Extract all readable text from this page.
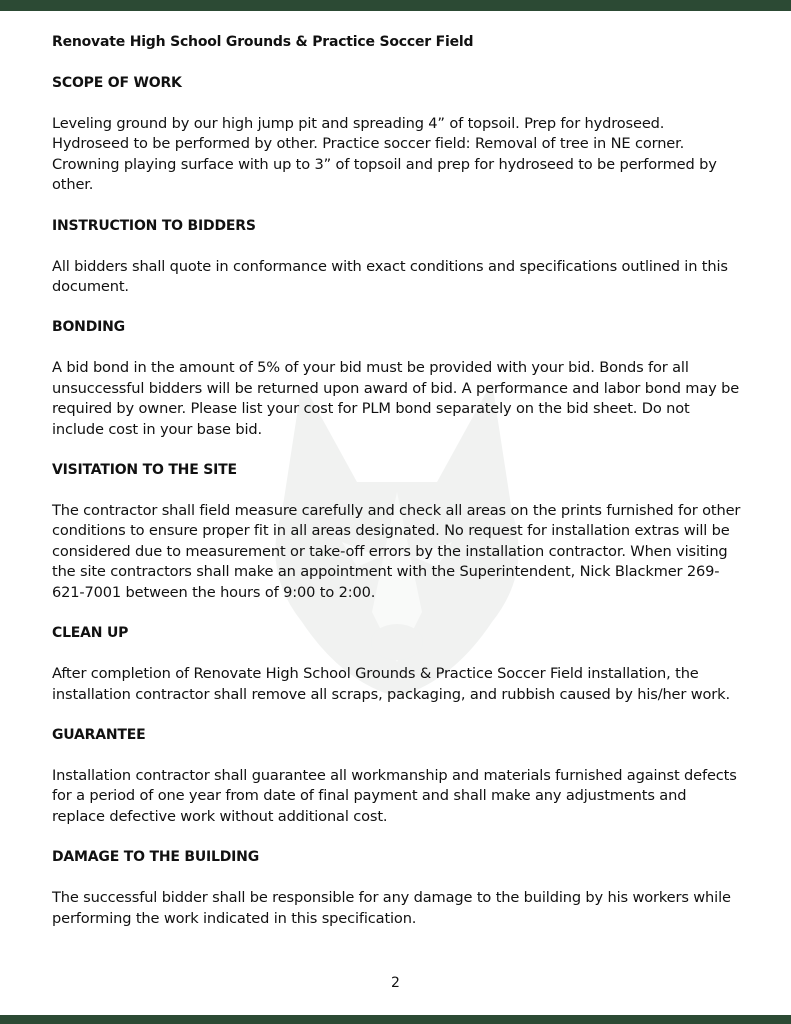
Renovate High School Grounds & Practice Soccer Field
SCOPE OF WORK
Leveling ground by our high jump pit and spreading 4” of topsoil. Prep for hydroseed. Hydroseed to be performed by other. Practice soccer field: Removal of tree in NE corner. Crowning playing surface with up to 3” of topsoil and prep for hydroseed to be performed by other.
INSTRUCTION TO BIDDERS
All bidders shall quote in conformance with exact conditions and specifications outlined in this document.
BONDING
A bid bond in the amount of 5% of your bid must be provided with your bid. Bonds for all unsuccessful bidders will be returned upon award of bid. A performance and labor bond may be required by owner. Please list your cost for PLM bond separately on the bid sheet. Do not include cost in your base bid.
VISITATION TO THE SITE
The contractor shall field measure carefully and check all areas on the prints furnished for other conditions to ensure proper fit in all areas designated. No request for installation extras will be considered due to measurement or take-off errors by the installation contractor. When visiting the site contractors shall make an appointment with the Superintendent, Nick Blackmer 269-621-7001 between the hours of 9:00 to 2:00.
CLEAN UP
After completion of Renovate High School Grounds & Practice Soccer Field installation, the installation contractor shall remove all scraps, packaging, and rubbish caused by his/her work.
GUARANTEE
Installation contractor shall guarantee all workmanship and materials furnished against defects for a period of one year from date of final payment and shall make any adjustments and replace defective work without additional cost.
DAMAGE TO THE BUILDING
The successful bidder shall be responsible for any damage to the building by his workers while performing the work indicated in this specification.
2
